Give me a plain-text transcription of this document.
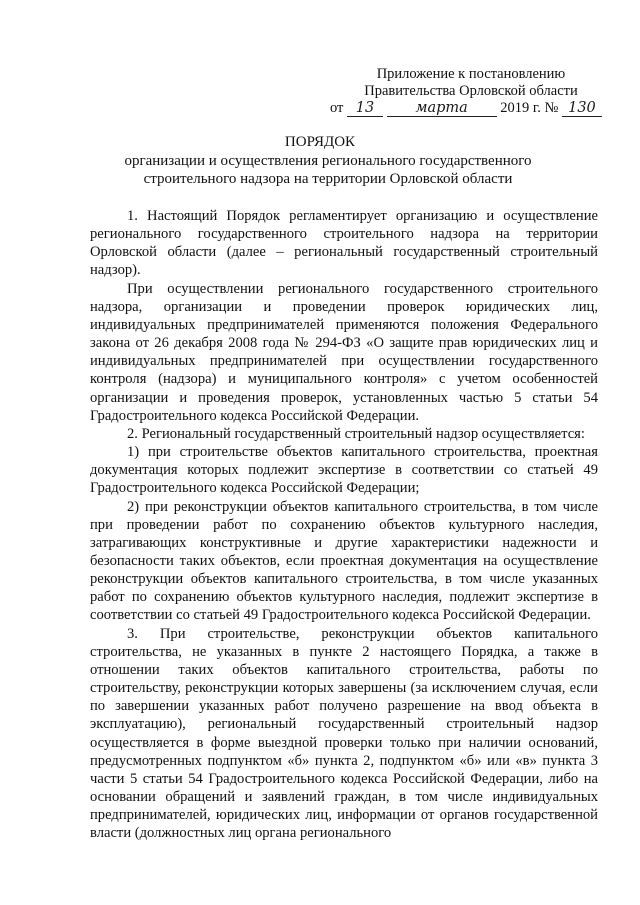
Приложение к постановлению
Правительства Орловской области
от 13	марта 2019 г. № 130
ПОРЯДОК
организации и осуществления регионального государственного строительного надзора на территории Орловской области

1. Настоящий Порядок регламентирует организацию и осуществление регионального государственного строительного надзора на территории Орловской области (далее – региональный государственный строительный надзор).

При осуществлении регионального государственного строительного надзора, организации и проведении проверок юридических лиц, индивидуальных предпринимателей применяются положения Федерального закона от 26 декабря 2008 года № 294-ФЗ «О защите прав юридических лиц и индивидуальных предпринимателей при осуществлении государственного контроля (надзора) и муниципального контроля» с учетом особенностей организации и проведения проверок, установленных частью 5 статьи 54 Градостроительного кодекса Российской Федерации.

2. Региональный государственный строительный надзор осуществляется:

1) при строительстве объектов капитального строительства, проектная документация которых подлежит экспертизе в соответствии со статьей 49 Градостроительного кодекса Российской Федерации;

2) при реконструкции объектов капитального строительства, в том числе при проведении работ по сохранению объектов культурного наследия, затрагивающих конструктивные и другие характеристики надежности и безопасности таких объектов, если проектная документация на осуществление реконструкции объектов капитального строительства, в том числе указанных работ по сохранению объектов культурного наследия, подлежит экспертизе в соответствии со статьей 49 Градостроительного кодекса Российской Федерации.

3. При строительстве, реконструкции объектов капитального строительства, не указанных в пункте 2 настоящего Порядка, а также в отношении таких объектов капитального строительства, работы по строительству, реконструкции которых завершены (за исключением случая, если по завершении указанных работ получено разрешение на ввод объекта в эксплуатацию), региональный государственный строительный надзор осуществляется в форме выездной проверки только при наличии оснований, предусмотренных подпунктом «б» пункта 2, подпунктом «б» или «в» пункта 3 части 5 статьи 54 Градостроительного кодекса Российской Федерации, либо на основании обращений и заявлений граждан, в том числе индивидуальных предпринимателей, юридических лиц, информации от органов государственной власти (должностных лиц органа регионального
